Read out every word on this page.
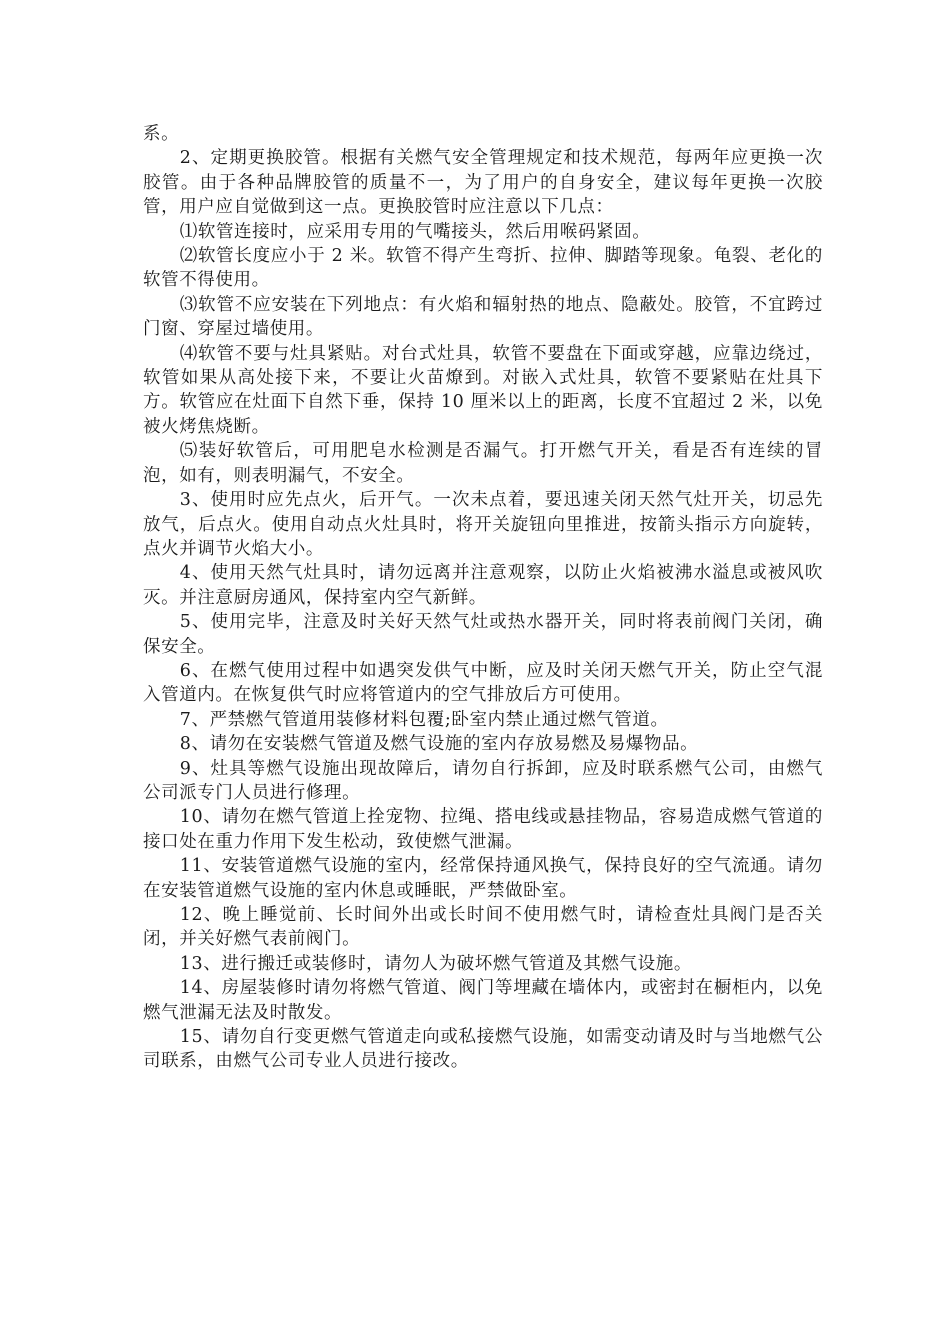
系。

2、定期更换胶管。根据有关燃气安全管理规定和技术规范，每两年应更换一次胶管。由于各种品牌胶管的质量不一，为了用户的自身安全，建议每年更换一次胶管，用户应自觉做到这一点。更换胶管时应注意以下几点：

⑴软管连接时，应采用专用的气嘴接头，然后用喉码紧固。

⑵软管长度应小于 2 米。软管不得产生弯折、拉伸、脚踏等现象。龟裂、老化的软管不得使用。

⑶软管不应安装在下列地点：有火焰和辐射热的地点、隐蔽处。胶管，不宜跨过门窗、穿屋过墙使用。

⑷软管不要与灶具紧贴。对台式灶具，软管不要盘在下面或穿越，应靠边绕过，软管如果从高处接下来，不要让火苗燎到。对嵌入式灶具，软管不要紧贴在灶具下方。软管应在灶面下自然下垂，保持 10 厘米以上的距离，长度不宜超过 2 米，以免被火烤焦烧断。

⑸装好软管后，可用肥皂水检测是否漏气。打开燃气开关，看是否有连续的冒泡，如有，则表明漏气，不安全。

3、使用时应先点火，后开气。一次未点着，要迅速关闭天然气灶开关，切忌先放气，后点火。使用自动点火灶具时，将开关旋钮向里推进，按箭头指示方向旋转，点火并调节火焰大小。

4、使用天然气灶具时，请勿远离并注意观察，以防止火焰被沸水溢息或被风吹灭。并注意厨房通风，保持室内空气新鲜。

5、使用完毕，注意及时关好天然气灶或热水器开关，同时将表前阀门关闭，确保安全。

6、在燃气使用过程中如遇突发供气中断，应及时关闭天燃气开关，防止空气混入管道内。在恢复供气时应将管道内的空气排放后方可使用。

7、严禁燃气管道用装修材料包覆;卧室内禁止通过燃气管道。

8、请勿在安装燃气管道及燃气设施的室内存放易燃及易爆物品。

9、灶具等燃气设施出现故障后，请勿自行拆卸，应及时联系燃气公司，由燃气公司派专门人员进行修理。

10、请勿在燃气管道上拴宠物、拉绳、搭电线或悬挂物品，容易造成燃气管道的接口处在重力作用下发生松动，致使燃气泄漏。

11、安装管道燃气设施的室内，经常保持通风换气，保持良好的空气流通。请勿在安装管道燃气设施的室内休息或睡眠，严禁做卧室。

12、晚上睡觉前、长时间外出或长时间不使用燃气时，请检查灶具阀门是否关闭，并关好燃气表前阀门。

13、进行搬迁或装修时，请勿人为破坏燃气管道及其燃气设施。

14、房屋装修时请勿将燃气管道、阀门等埋藏在墙体内，或密封在橱柜内，以免燃气泄漏无法及时散发。

15、请勿自行变更燃气管道走向或私接燃气设施，如需变动请及时与当地燃气公司联系，由燃气公司专业人员进行接改。
